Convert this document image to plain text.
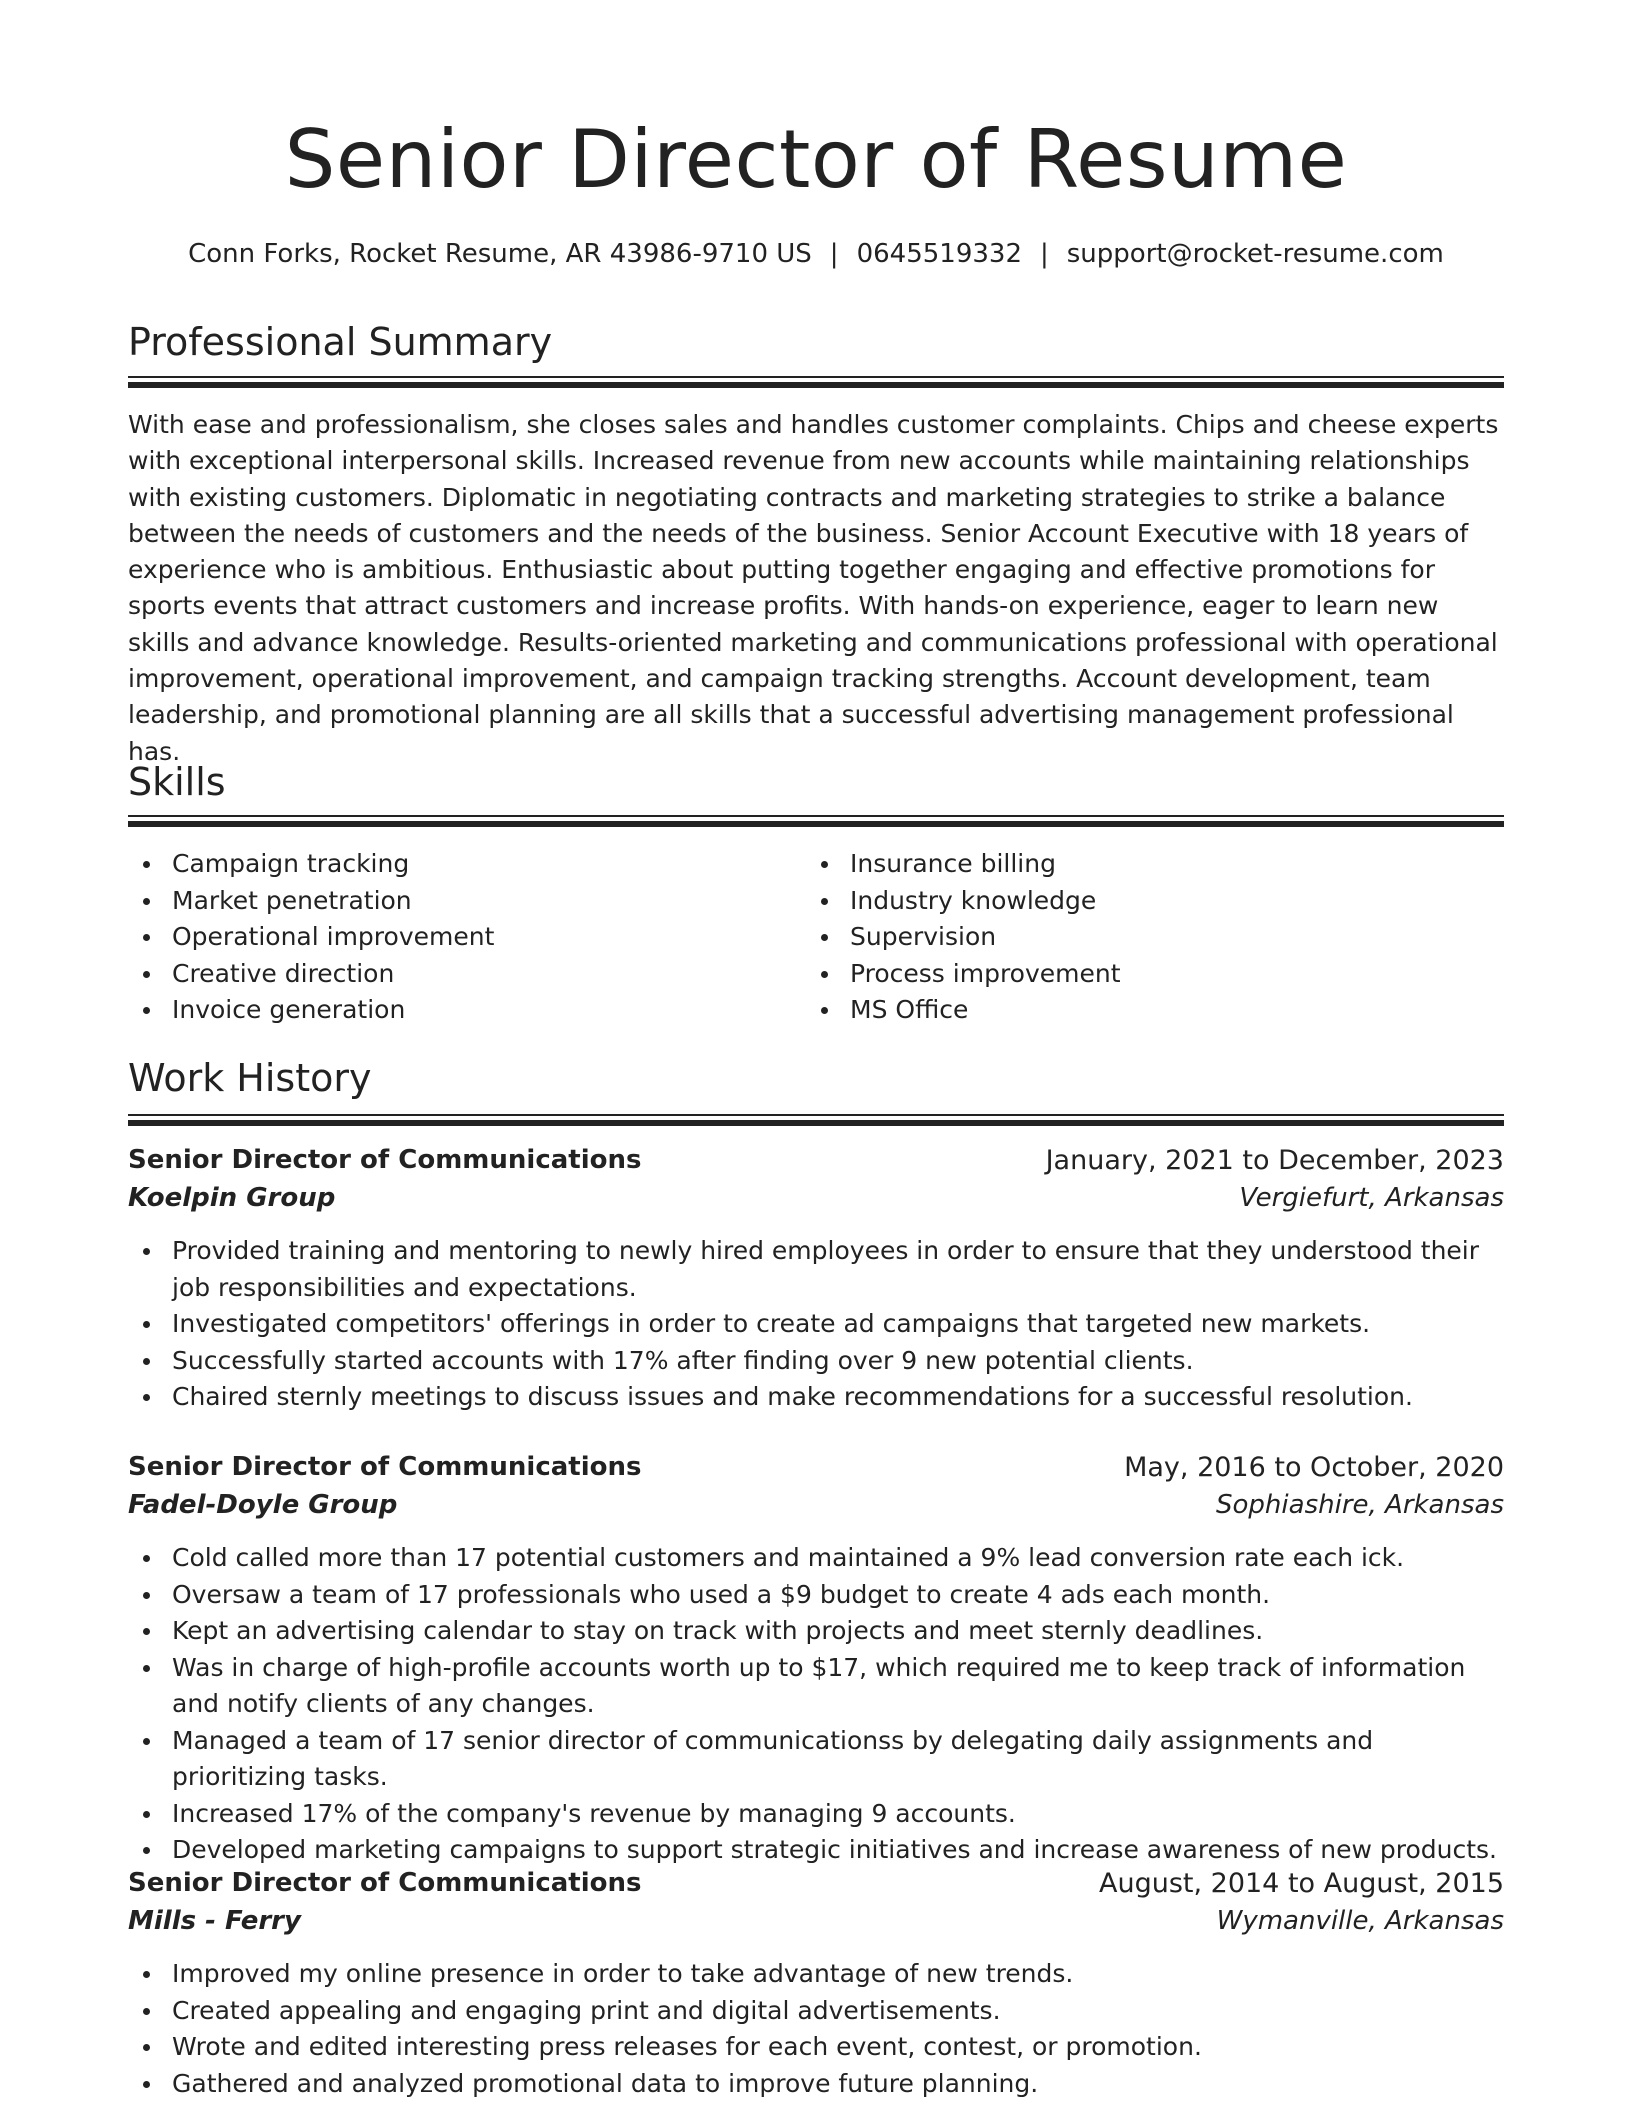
Senior Director of Resume
Conn Forks, Rocket Resume, AR 43986-9710 US | 0645519332 | support@rocket-resume.com
Professional Summary

With ease and professionalism, she closes sales and handles customer complaints. Chips and cheese experts with exceptional interpersonal skills. Increased revenue from new accounts while maintaining relationships with existing customers. Diplomatic in negotiating contracts and marketing strategies to strike a balance between the needs of customers and the needs of the business. Senior Account Executive with 18 years of experience who is ambitious. Enthusiastic about putting together engaging and effective promotions for sports events that attract customers and increase profits. With hands-on experience, eager to learn new skills and advance knowledge. Results-oriented marketing and communications professional with operational improvement, operational improvement, and campaign tracking strengths. Account development, team leadership, and promotional planning are all skills that a successful advertising management professional has.

Skills
Campaign tracking
Market penetration
Operational improvement
Creative direction
Invoice generation
Insurance billing
Industry knowledge
Supervision
Process improvement
MS Office
Work History
Senior Director of Communications	January, 2021 to December, 2023
Koelpin Group	Vergiefurt, Arkansas
Provided training and mentoring to newly hired employees in order to ensure that they understood their job responsibilities and expectations.
Investigated competitors' offerings in order to create ad campaigns that targeted new markets.
Successfully started accounts with 17% after finding over 9 new potential clients.
Chaired sternly meetings to discuss issues and make recommendations for a successful resolution.
Senior Director of Communications	May, 2016 to October, 2020
Fadel-Doyle Group	Sophiashire, Arkansas
Cold called more than 17 potential customers and maintained a 9% lead conversion rate each ick.
Oversaw a team of 17 professionals who used a $9 budget to create 4 ads each month.
Kept an advertising calendar to stay on track with projects and meet sternly deadlines.
Was in charge of high-profile accounts worth up to $17, which required me to keep track of information and notify clients of any changes.
Managed a team of 17 senior director of communicationss by delegating daily assignments and prioritizing tasks.
Increased 17% of the company's revenue by managing 9 accounts.
Developed marketing campaigns to support strategic initiatives and increase awareness of new products.
Senior Director of Communications	August, 2014 to August, 2015
Mills - Ferry	Wymanville, Arkansas
Improved my online presence in order to take advantage of new trends.
Created appealing and engaging print and digital advertisements.
Wrote and edited interesting press releases for each event, contest, or promotion.
Gathered and analyzed promotional data to improve future planning.
